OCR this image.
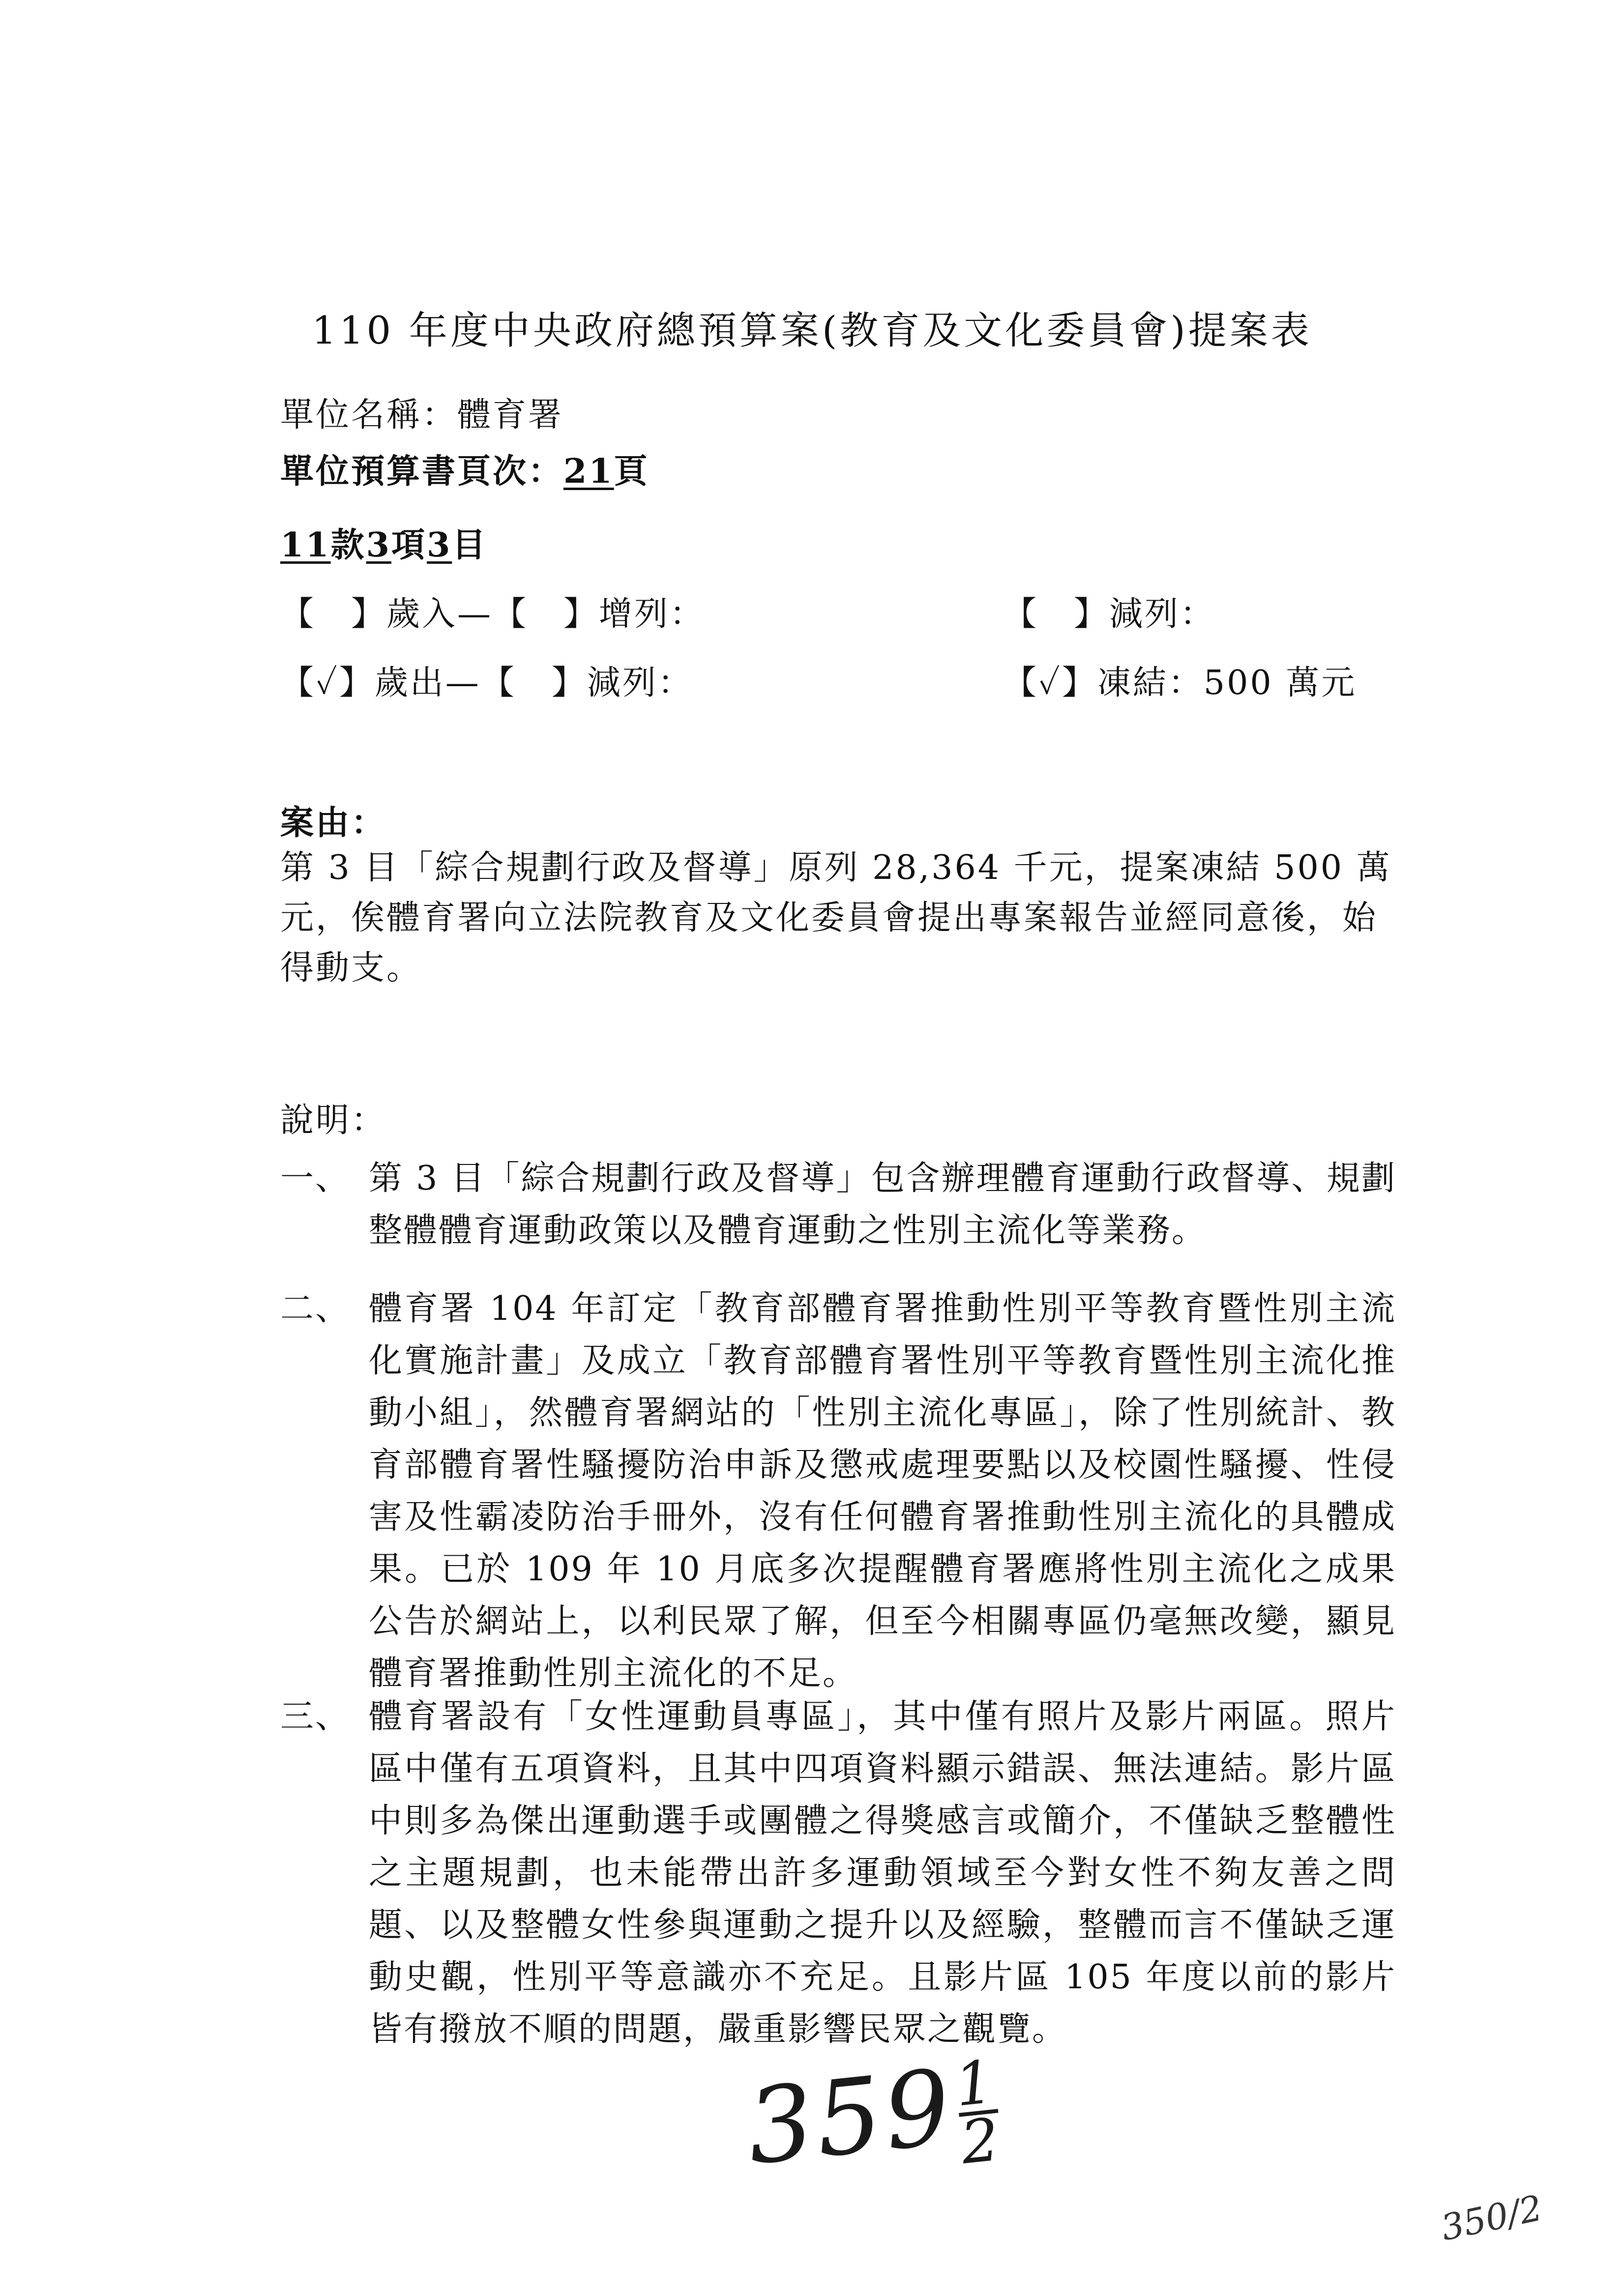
110 年度中央政府總預算案(教育及文化委員會)提案表
單位名稱：體育署
單位預算書頁次：21頁
11款3項3目
【　】歲入—【　】增列：	【　】減列：
【✓】歲出—【　】減列：	【✓】凍結：500 萬元
案由：
第 3 目「綜合規劃行政及督導」原列 28,364 千元，提案凍結 500 萬元，俟體育署向立法院教育及文化委員會提出專案報告並經同意後，始得動支。
說明：
一、 第 3 目「綜合規劃行政及督導」包含辦理體育運動行政督導、規劃整體體育運動政策以及體育運動之性別主流化等業務。
二、 體育署 104 年訂定「教育部體育署推動性別平等教育暨性別主流化實施計畫」及成立「教育部體育署性別平等教育暨性別主流化推動小組」，然體育署網站的「性別主流化專區」，除了性別統計、教育部體育署性騷擾防治申訴及懲戒處理要點以及校園性騷擾、性侵害及性霸凌防治手冊外，沒有任何體育署推動性別主流化的具體成果。已於 109 年 10 月底多次提醒體育署應將性別主流化之成果公告於網站上，以利民眾了解，但至今相關專區仍毫無改變，顯見體育署推動性別主流化的不足。
三、 體育署設有「女性運動員專區」，其中僅有照片及影片兩區。照片區中僅有五項資料，且其中四項資料顯示錯誤、無法連結。影片區中則多為傑出運動選手或團體之得獎感言或簡介，不僅缺乏整體性之主題規劃，也未能帶出許多運動領域至今對女性不夠友善之問題、以及整體女性參與運動之提升以及經驗，整體而言不僅缺乏運動史觀，性別平等意識亦不充足。且影片區 105 年度以前的影片皆有撥放不順的問題，嚴重影響民眾之觀覽。
359
1
2
350/2
